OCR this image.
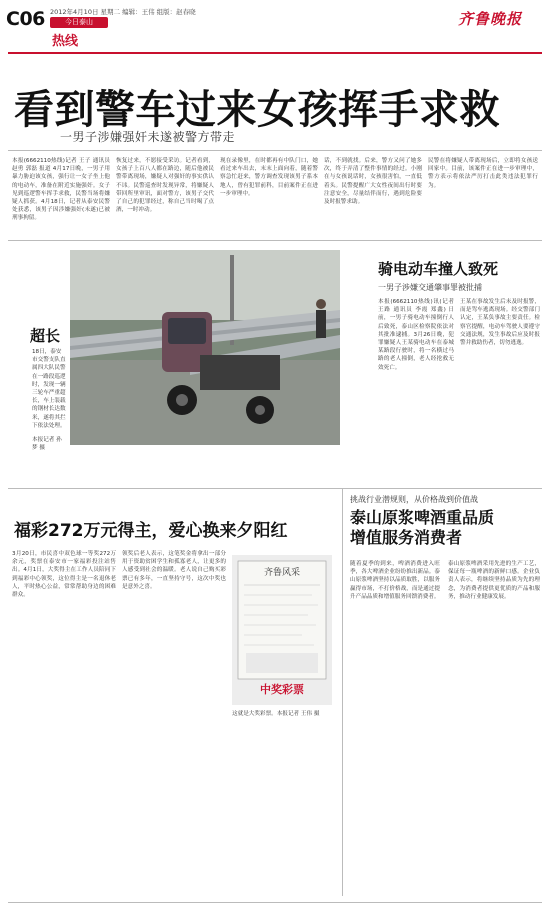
C06 2012年4月10日 星期二 编辑：王伟 组版：赵春晓
今日泰山
热线
齐鲁晚报
看到警车过来女孩挥手求救
一男子涉嫌强奸未遂被警方带走
本报(6662110热线)记者 王子 通讯员 赵勇 郭磊 报道 4月17日晚，一男子用暴力胁迫该女孩，强行让一女子坐上他的电动车，准备在附近实施强奸。女子见到巡逻警车挥手求救，民警当场将嫌疑人抓获。4月18日，记者从泰安民警处获悉，该男子因涉嫌强奸(未遂)已被刑事拘留。
恢复过来，不愿接受采访。记者看到，女孩子上百八人都在路边，随后他被民警带离现场，嫌疑人对强奸的事实供认不讳。民警巡查时发现异常，将嫌疑人带回所里审讯，面对警方，该男子交代了自己的犯罪经过，称自己当时喝了点酒，一时冲动。
现在录像里，在时都再有中队门口，她看过来车出去，末末上面向着，随着警察急忙赶来，警方调查发现该男子系本地人，曾有犯罪前科，目前案件正在进一步审理中。
话，不到就找。后来，警方又问了她多次，终于弄清了整件事情的经过。小刚在与女孩说话时，女孩很害怕，一直低着头。民警提醒广大女性夜间出行时要注意安全，尽量结伴而行，遇到危险要及时报警求助。
民警在将嫌疑人带离现场后，立即将女孩送回家中。目前，该案件正在进一步审理中，警方表示将依法严厉打击此类违法犯罪行为。
超长
18日，泰安市交警支队直属四大队民警在一路段巡逻时，发现一辆三轮车严重超长，车上装载的钢材长达数米，遂将其拦下依法处理。
本报记者 孙梦 摄
骑电动车撞人致死
一男子涉嫌交通肇事罪被批捕
本报(6662110热线)讯(记者 王路 通讯员 李霞 郑鑫) 日前，一男子骑电动车撞倒行人后致死，泰山区检察院依法对其批准逮捕。3月26日晚，犯罪嫌疑人王某骑电动车在泰城某路段行驶时，将一名横过马路的老人撞倒，老人经抢救无效死亡。
王某在事故发生后未及时报警，而是驾车逃离现场。经交警部门认定，王某负事故主要责任。检察官提醒，电动车驾驶人要遵守交通法规，发生事故后应及时报警并救助伤者，切勿逃逸。
福彩272万元得主，爱心换来夕阳红
3月20日，市民喜中双色球一等奖272万余元，奖票在泰安市一家福彩投注站售出。4月1日，大奖得主在工作人员陪同下到福彩中心领奖，这位得主是一名退休老人，平时热心公益，常常帮助身边的困难群众。
领奖后老人表示，这笔奖金将拿出一部分用于资助贫困学生和孤寡老人，让更多的人感受到社会的温暖。老人说自己购买彩票已有多年，一直坚持守号，这次中奖也是意外之喜。
齐鲁风采
中奖彩票
这就是大奖彩票。本报记者 王伟 摄
挑战行业潜规则，从价格战到价值战
泰山原浆啤酒重品质
增值服务消费者
随着夏季的到来，啤酒消费进入旺季，各大啤酒企业纷纷推出新品。泰山原浆啤酒坚持以品质取胜，以服务赢得市场，不打价格战，而是通过提升产品品质和增值服务回馈消费者。
泰山原浆啤酒采用先进的生产工艺，保证每一瓶啤酒的新鲜口感。企业负责人表示，将继续坚持品质为先的理念，为消费者提供更优质的产品和服务，推动行业健康发展。
